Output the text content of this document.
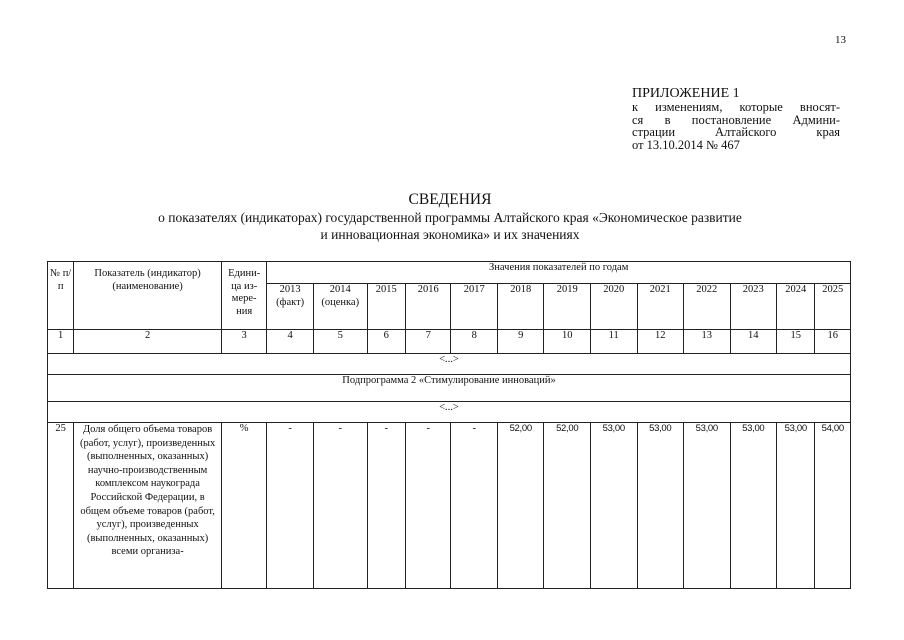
13
ПРИЛОЖЕНИЕ 1
к изменениям, которые вносят-
ся в постановление Админи-
страции Алтайского края
от 13.10.2014 № 467
СВЕДЕНИЯ
о показателях (индикаторах) государственной программы Алтайского края «Экономическое развитие
и инновационная экономика» и их значениях
№ п/п	Показатель (индикатор) (наименование)	Едини-ца из-мере-ния	Значения показателей по годам												
			2013 (факт)	2014 (оценка)	2015	2016	2017	2018	2019	2020	2021	2022	2023	2024	2025
1	2	3	4	5	6	7	8	9	10	11	12	13	14	15	16
<...>															
Подпрограмма 2 «Стимулирование инноваций»															
<...>															
25	Доля общего объема товаров (работ, услуг), произведенных (выполненных, оказанных) научно-производственным комплексом наукограда Российской Федерации, в общем объеме товаров (работ, услуг), произведенных (выполненных, оказанных) всеми организа-	%	-	-	-	-	-	52,00	52,00	53,00	53,00	53,00	53,00	53,00	54,00
